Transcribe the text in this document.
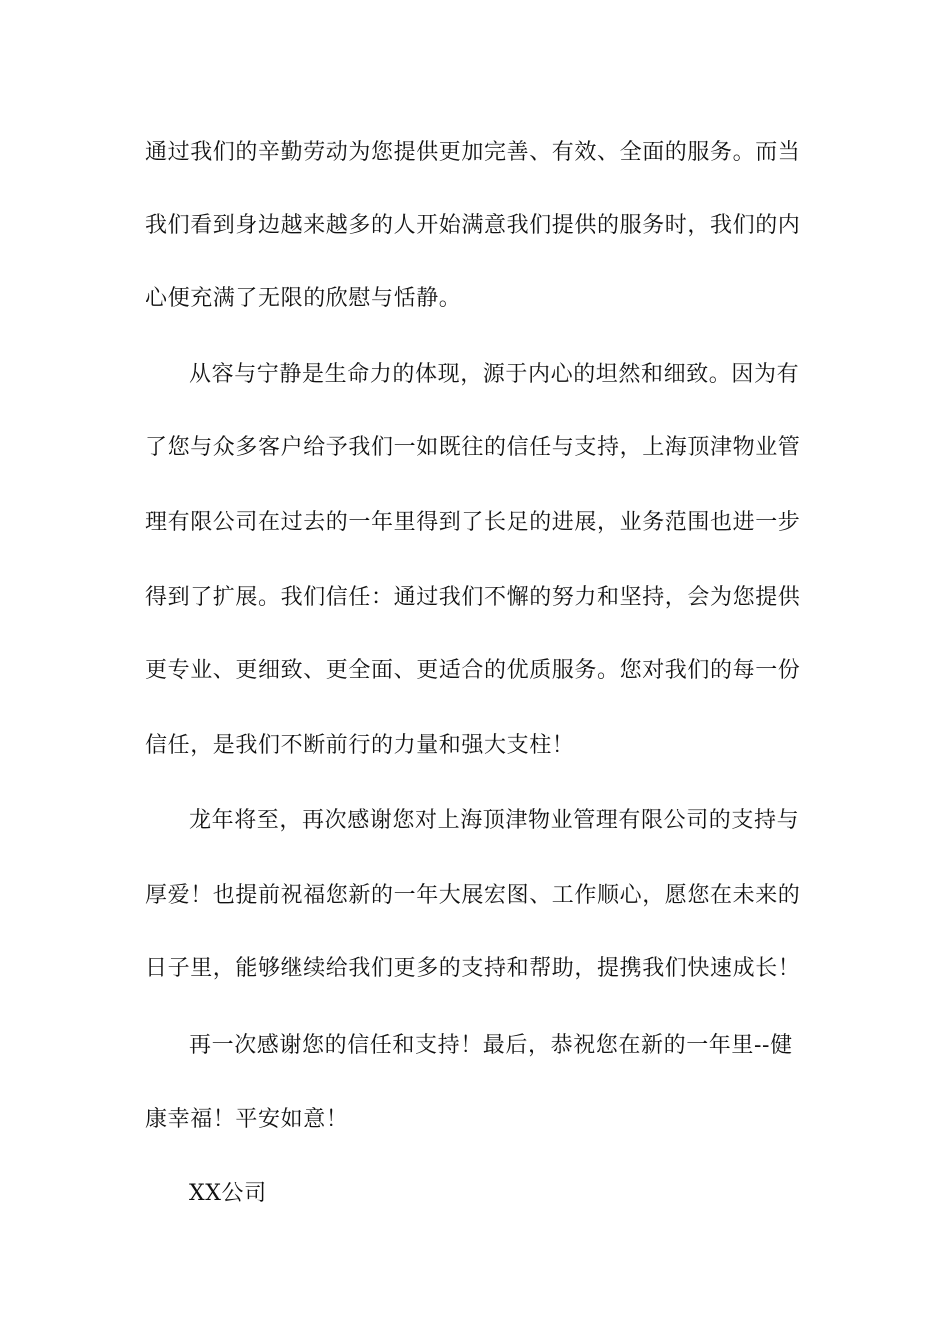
通过我们的辛勤劳动为您提供更加完善、有效、全面的服务。而当
我们看到身边越来越多的人开始满意我们提供的服务时，我们的内
心便充满了无限的欣慰与恬静。
从容与宁静是生命力的体现，源于内心的坦然和细致。因为有
了您与众多客户给予我们一如既往的信任与支持，上海顶津物业管
理有限公司在过去的一年里得到了长足的进展，业务范围也进一步
得到了扩展。我们信任：通过我们不懈的努力和坚持，会为您提供
更专业、更细致、更全面、更适合的优质服务。您对我们的每一份
信任，是我们不断前行的力量和强大支柱！
龙年将至，再次感谢您对上海顶津物业管理有限公司的支持与
厚爱！也提前祝福您新的一年大展宏图、工作顺心，愿您在未来的
日子里，能够继续给我们更多的支持和帮助，提携我们快速成长！
再一次感谢您的信任和支持！最后，恭祝您在新的一年里--健
康幸福！平安如意！
XX公司
